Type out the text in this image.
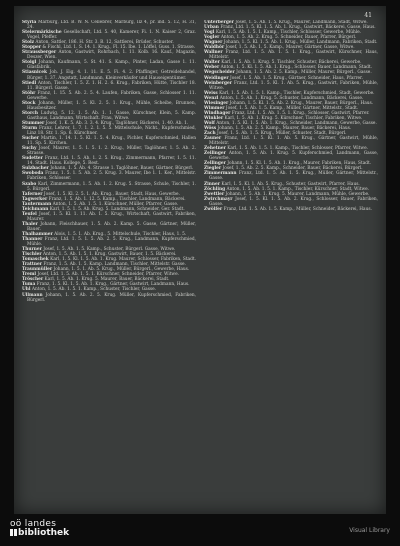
41

Styria Marburg, Ltd. B. W. N. Cellebrer, Marburg, Ilz 4, pr. ind. 5. 12, H. 31, 24.

Steiermärkische Gesellschaft, Ltd. 5. 40, Kamerer, Fi. 1. N. Kaiser 2, Graz. Vogel, Pfeffer.

Stolz Anton, Sattler, 186. H. Str. 3. B. 12, Sattlerei, Brüder, Schuster.

Stopper & Fischl, Ltd. 1. S. 14. 1. Krug., Fl. 15. Ibe. 1. Löffel, Guss. 1. Strasse.

Straussberger Anton, Gastwirt, Rohrbach, 1. 11. Kolb. 16. Kauf., Magazin, Deszer, Wien.

Stoigl Johann, Kaufmann, 5. St. 41. S. Kamp., Pinter, Ladan, Gasse 1. 11. Glasfabrik.

Stiasnicek Joh. J. Eig. 4. 1. 11. E. 5. Fi. 4. 2. Pfaffinger, Getreidehandel, Bürger, 1. 37. Angstatt, Landmann, Kleinverkäufer und Hauseigentümer.

Stiedl Anton, Tischler, 1. 5. Z. 1. H. 2. 6. Krug., Fabriken, Hütte, Tischler 18. 11. Bürgerl. Gasse.

Stöhr Franz, 1. 15. 5. Ab. 2. 5. 4. Laufen, Fabriken, Gasse, Schlosser 1. 11. Gewerbe.

Stock Johann, Müller, 1. 5. Kl. 2. 5. 1. Krug., Mühle, Scheibe, Brunnen, Hausbesitzer.

Storch Ludwig, 5. 12. 1. 5. Ab. 1. 1. Gasse, Kürschner, Klein, 5. Kamp. Gasthaus, Landmann, Wirtschaft. Frau, Witwe.

Stummer Josef, 1. K. 5. Ab. 3. 3. 4. Krug., Taglöhner, Bäckerei, 1. 40. Ab. 1.

Sturm Franz, Lehrer, 1. 7. 1. 2. 1. 5. 5. Mittelschule, Nicht., Kupferschmied, Linz 18. Str. 1. Sp. 6. Kürschner.

Sucher Martin, 1. 14. 1. 5. Kl. 1. 5. 4. Krug., Pichler, Kupferschmied, Hallen 11. Sp. 5. Kirchen.

Suchy Josef, Maurer, 1. 5. 1. 5. 1. 2. Krug., Müller, Taglöhner, 1. 5. Ab. 2. Strasse.

Sudetter Franz, Ltd. 1. 5. Ab. 1. 2. 5. Krug., Zimmermann, Pfarrer, 1. 5. 11. 14. Stadt. Haus. Kollege, 5. Rest.

Sulzbacher Johann, 1. 5. Ab. 4. Strasse 1. Taglöhner, Bauer, Gärtner, Bürgerl.

Swoboda Franz, 1. 5. 1. 5. Ab. 2. 5. Krug. 3. Maurer, Ibe 1. 1. Ker., Mittelstr. Fabriken, Schlosser.

Szabo Karl, Zimmermann, 1. 5. Ab. 1. 2. Krug. 5. Strasse, Schule, Tischler, 1. 5. Bürgerl.

Taferner Josef, 1. 5. Kl. 2. 5. 1. Ab. Krug., Bauer, Stadt, Haus, Gewerbe.

Tagwerker Franz, 1. 5. Ab. 1. 12. 5. Kamp., Tischler, Landmann, Bäckerei.

Tautermann Anton, 1. 5. Ab. 1. 5. 1. Kürschner, Müller, Pfarrer, Gasse.

Teichmann Karl, 1. 5. 1. 5. Ab. Krug. 5. Landmann, Schneider, Ger. Stadt.

Teufel Josef, 1. 5. Kl. 1. 11. Ab. 1. 5. Krug., Wirtschaft, Gastwirt, Fabriken, Maurer.

Thaler Johann, Fleischhauer, 1. 5. Ab. 2. Kamp. 5. Gasse, Gärtner, Müller, Bauer.

Thalhammer Alois, 1. 5. 1. Ab. Krug., 5. Mittelschule, Tischler, Haus, 1. 5.

Thanner Franz, Ltd. 1. 5. 1. 5. Ab. 2. 5. Krug., Landmann, Kupferschmied, Mühle.

Thurner Josef, 1. 5. Ab. 1. 5. Kamp., Schuster, Bürgerl. Gasse, Witwe.

Tischler Anton, 1. 5. Ab. 1. 5. 1. Krug. Gastwirt, Bauer, 1. 5. Bäckerei.

Tomaschek Karl, 1. 5. Kl. 1. 5. Ab. 1. Krug. Maurer, Schlosser, Fabriken, Stadt.

Trattner Franz, 1. 5. Ab. 1. 5. Kamp. Landmann, Tischler, Mittelstr. Gasse.

Traunmüller Johann, 1. 5. 1. Ab. 5. Krug., Müller, Bürgerl., Gewerbe, Haus.

Treml Josef, Ltd. 1. 5. Ab. 1. 5. 1. Kürschner, Schneider, Pfarrer, Witwe.

Tröscher Karl, 1. 5. Ab. 1. Krug. 5. Maurer, Bauer, Bäckerei, Stadt.

Tuma Franz, 1. 5. Kl. 1. 5. Ab. 1. Krug., Gärtner, Gastwirt, Landmann, Haus.

Uhl Anton, 1. 5. Ab. 1. 5. 1. Kamp., Schuster, Tischler, Gasse.

Ullmann Johann, 1. 5. Ab. 2. 5. Krug. Müller, Kupferschmied, Fabriken, Bürgerl.

Unterberger Josef, 1. 5. Ab. 1. 5. Krug., Maurer, Landmann, Stadt, Witwe.

Urban Franz, Ltd. 1. 5. Kl. 1. 5. Ab. 1. Krug., Gastwirt, Bäckerei, Gasse, Haus.

Vogl Karl, 1. 5. Ab. 1. 5. 1. Kamp., Tischler, Schlosser, Gewerbe, Mühle.

Vogler Anton, 1. 5. Ab. 2. Krug. 5. Schneider, Bauer, Pfarrer, Bürgerl.

Wagner Johann, 1. 5. Kl. 1. 5. Ab. 1. Krug., Müller, Landmann, Fabriken, Stadt.

Waldhör Josef, 1. 5. Ab. 1. 5. Kamp., Maurer, Gärtner, Gasse, Witwe.

Wallner Franz, Ltd. 1. 5. Ab. 1. 5. 1. Krug., Gastwirt, Kürschner, Haus, Mittelstr.

Walter Karl, 1. 5. Ab. 1. Krug. 5. Tischler, Schuster, Bäckerei, Gewerbe.

Weber Anton, 1. 5. Kl. 1. 5. Ab. 1. Krug., Schlosser, Bauer, Landmann, Stadt.

Wegscheider Johann, 1. 5. Ab. 2. 5. Kamp., Müller, Maurer, Bürgerl., Gasse.

Weidinger Josef, 1. 5. Ab. 1. 5. Krug., Gärtner, Schneider, Haus, Pfarrer.

Weinberger Franz, Ltd. 1. 5. Kl. 1. Ab. 5. Krug., Gastwirt, Fabriken, Mühle, Witwe.

Weiss Karl, 1. 5. Ab. 1. 5. 1. Kamp., Tischler, Kupferschmied, Stadt, Gewerbe.

Wenzl Anton, 1. 5. Ab. 1. Krug. 5. Schuster, Landmann, Bäckerei, Gasse.

Wiesinger Johann, 1. 5. Kl. 1. 5. Ab. 2. Krug., Maurer, Bauer, Bürgerl., Haus.

Wimmer Josef, 1. 5. Ab. 1. 5. Kamp., Müller, Gärtner, Mittelstr., Stadt.

Windhager Franz, Ltd. 1. 5. Ab. 1. 5. 1. Krug., Schlosser, Gastwirt, Pfarrer.

Winkler Karl, 1. 5. Ab. 1. Krug. 5. Kürschner, Tischler, Fabriken, Witwe.

Wolf Anton, 1. 5. Kl. 1. 5. Ab. 1. Krug., Schneider, Landmann, Gewerbe, Gasse.

Wöss Johann, 1. 5. Ab. 2. 5. Kamp., Maurer, Bauer, Bäckerei, Haus.

Zach Josef, 1. 5. Ab. 1. 5. Krug., Müller, Schuster, Stadt, Bürgerl.

Zauner Franz, Ltd. 1. 5. Kl. 1. Ab. 5. Krug., Gärtner, Gastwirt, Mühle, Mittelstr.

Zehetner Karl, 1. 5. Ab. 1. 5. 1. Kamp., Tischler, Schlosser, Pfarrer, Witwe.

Zeilinger Anton, 1. 5. Ab. 1. Krug. 5. Kupferschmied, Landmann, Gasse, Gewerbe.

Zellinger Johann, 1. 5. Kl. 1. 5. Ab. 1. Krug., Maurer, Fabriken, Haus, Stadt.

Ziegler Josef, 1. 5. Ab. 2. 5. Kamp., Schneider, Bauer, Bäckerei, Bürgerl.

Zimmermann Franz, Ltd. 1. 5. Ab. 1. 5. Krug., Müller, Gärtner, Mittelstr., Gasse.

Zinner Karl, 1. 5. Kl. 1. Ab. 5. Krug., Schuster, Gastwirt, Pfarrer, Haus.

Zöchling Anton, 1. 5. Ab. 1. 5. 1. Kamp., Tischler, Kürschner, Stadt, Witwe.

Zwettler Johann, 1. 5. Ab. 1. Krug. 5. Maurer, Landmann, Mühle, Gewerbe.

Zwirchmayr Josef, 1. 5. Kl. 1. 5. Ab. 2. Krug., Schlosser, Bauer, Fabriken, Gasse.

Zwölfer Franz, Ltd. 1. 5. Ab. 1. 5. Kamp., Müller, Schneider, Bäckerei, Haus.

oö landes
bibliothek	Visual Library
